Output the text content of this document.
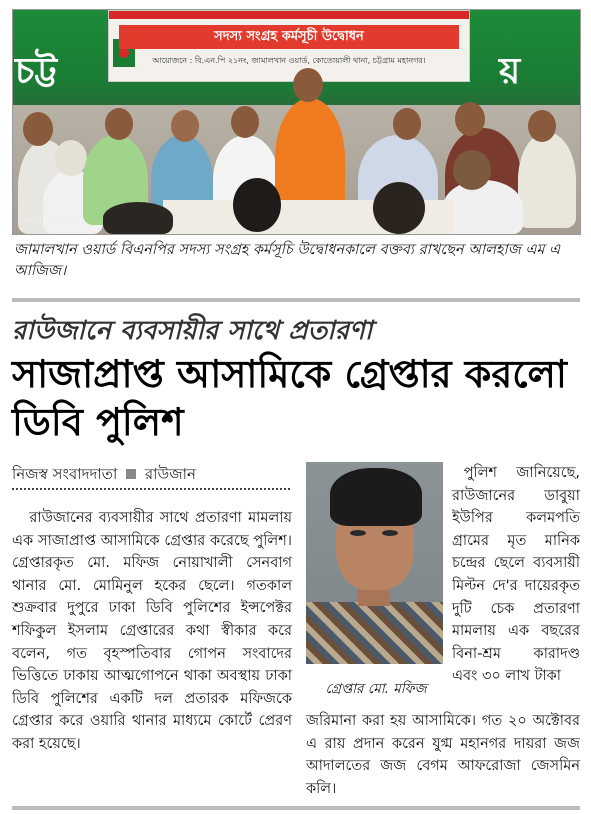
চট্ট	য়
সদস্য সংগ্রহ কর্মসূচী উদ্বোধন
আয়োজনে : বি.এন.পি ২১নং, জামালখান ওয়ার্ড, কোতোয়ালী থানা, চট্টগ্রাম মহানগর।
SHOT ON OPPO
জামালখান ওয়ার্ড বিএনপির সদস্য সংগ্রহ কর্মসূচি উদ্বোধনকালে বক্তব্য রাখছেন আলহাজ এম এ আজিজ।
রাউজানে ব্যবসায়ীর সাথে প্রতারণা
সাজাপ্রাপ্ত আসামিকে গ্রেপ্তার করলো ডিবি পুলিশ
নিজস্ব সংবাদদাতা রাউজান
রাউজানের ব্যবসায়ীর সাথে প্রতারণা মামলায় এক সাজাপ্রাপ্ত আসামিকে গ্রেপ্তার করেছে পুলিশ। গ্রেপ্তারকৃত মো. মফিজ নোয়াখালী সেনবাগ থানার মো. মোমিনুল হকের ছেলে। গতকাল শুক্রবার দুপুরে ঢাকা ডিবি পুলিশের ইন্সপেক্টর শফিকুল ইসলাম গ্রেপ্তারের কথা স্বীকার করে বলেন, গত বৃহস্পতিবার গোপন সংবাদের ভিত্তিতে ঢাকায় আত্মগোপনে থাকা অবস্থায় ঢাকা ডিবি পুলিশের একটি দল প্রতারক মফিজকে গ্রেপ্তার করে ওয়ারি থানার মাধ্যমে কোর্টে প্রেরণ করা হয়েছে।
গ্রেপ্তার মো. মফিজ
পুলিশ জানিয়েছে, রাউজানের ডাবুয়া ইউপির কলমপতি গ্রামের মৃত মানিক চন্দ্রের ছেলে ব্যবসায়ী মিল্টন দে'র দায়েরকৃত দুটি চেক প্রতারণা মামলায় এক বছরের বিনা-শ্রম কারাদণ্ড এবং ৩০ লাখ টাকা
জরিমানা করা হয় আসামিকে। গত ২০ অক্টোবর এ রায় প্রদান করেন যুগ্ম মহানগর দায়রা জজ আদালতের জজ বেগম আফরোজা জেসমিন কলি।
